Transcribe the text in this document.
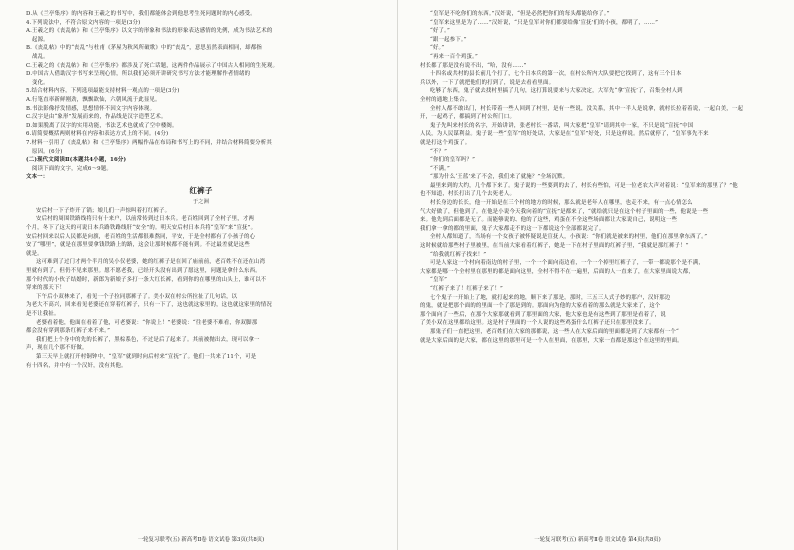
D.从《兰亭集序》的内容和王羲之的书写中，我们都能体会到他思考生死问题时的内心感受。
4.下列说法中，不符合原文内容的一项是(3分)
A.王羲之的《丧乱帖》和《兰亭集序》以文字的形象和书法的形象表达感情的先例，成为书法艺术的
起源。
B.《丧乱帖》中的“丧乱”与杜甫《茅屋为秋风所破歌》中的“丧乱”，意思虽然表面相同，却都指
战乱。
C.王羲之的《丧乱帖》和《兰亭集序》都涉及了死亡话题，这两件作品展示了中国古人相同的生死观。
D.中国古人借助汉字书写来呈现心情，所以我们必须开讲研究书写方法才能理解作者情绪的
变化。
5.结合材料内容，下列选项最能支持材料一观点的一项是(3分)
A.行笔直率新鲜刚劲，飘飘欲仙，六朝风流于此显见。
B.书法影像抒发情感，思想情怀不因文字内容体现。
C.汉字是由“象形”发展而来的，作品线是汉字造型艺术。
D.如果脱离了汉字的实用功能，书法艺术也就成了空中楼阁。
6.请简要概括两则材料在内容和表达方式上的不同。(4分)
7.材料一引用了《丧乱帖》和《兰亭集序》两幅作品在布局和书写上的不同，并结合材料简要分析其
原因。(6分)
(二)现代文阅读Ⅱ(本题共4小题，16分)
阅读下面的文字，完成6～9题。
文本一：
红裤子
于之洲
安后村一下子炸开了锅；娘儿们一声惊叫着打红裤子。
安后村的周围铁路线将只有十来户，以前常传到过日本兵。老百姓回到了全村子里，才两
个月，冬下了这天的可说日本兵路铁路线肝“安全”的。明天安后村日本兵将“皇军”来“宣抚”。
安后村回来以后人民都是向旗，老百姓的生活都很难熬同，平安，于是全村都有了小孩子的心
安了“哪里”，就是在那里要拿钱铁路上的路，这会让那时候都不能有到。不过最差就是这些
就是。
这可难到了过门才两个半月的吴小仅老婆，她的红裤子是在回了庙前前，老百姓不在还在山湾
里就有到了，但仍不见来那里。愿不愿老我，已经开头没有出到了愿这里，问题是拿什么东西。
那个时代的小伙子结婚时，新郎为新娘子多打一条大红长裤，看到你的在哪里的山头上，谁可以不
穿来的那天下！
下午后小双林来了，看见一个子拉同那裤子了。美小双在村公所拉扯了几句话，以
为老大不高兴，回来看见老婆还在穿着红裤子，只有一下了，这也就这家里的，这也就这家里的情况
是不让我扯。
老婆看着他，他面在看着了他，可老婆说：“你说上！”老婆说：“往老婆不难看，你双脚那
都会没有穿到那条红裤子来不来。”
我们把上个身中的先的长裤了，黑棕系色，不过是后了起来了。其前被抛出去，现可以拿一
声，现在几个那不好做。
第三天早上就打开村铜钟中，“皇军”就到时向后村来“宣抚”了。他们一共来了11个，可是
有十四名，并中有一个汉奸，没有其他。
一轮复习联考(五) 新高考Ⅱ卷 语文试卷 第3页(共8页)
“皇军是不吃你们的东西。”汉奸说，“但是必然把你们的每头都能给你了。”
“皇军来这里是为了……”汉奸说，“只是皇军对你们都要给像‘宣抚’们的小孩，都明了，……”
“好了。”
“跟一起参下。”
“好。”
“再来一百个鸡蛋。”
村长都了那是没有说不出，“哈，没有……”
十四名或共村的县长前几个打了，七个日本兵的第一次，在村公所内大队要把它找到了，这有三个日本
兵以外，一下了就把他们的打到了，说是去看看里面。
吃够了东西，鬼子就去找村里搞了几句，这打算说要来与大家决定，大军先“拿‘宣抚’了，召集全村人到
全村的通地上集合。
全村人都不敢出门，村长带着一些人回到了村里，是有一些说，没关系，其中一半人是说拿，就村长拉着着说，一起白美，一起
开，一起鸡子，都搞到了村公所门口。
鬼子先叫来村长的名字，开始讲讲，张老村长一番话，叫大家把“皇军”请到其中一家，不只是说“宣抚”中国
人民，为人民谋利益。鬼子说一些“皇军”的好处话，大家是在“皇军”好处，只是这样说。然后就停了，“皇军事先不来
就是打这个鸡蛋了。
“不？”
“你们的皇军吗？”
“不满。”
“那为什么‘王蓝’来了不会，我们来了就施？”全场沉默。
最里来到的大约，几个都下来了。鬼子说的一些要到的去了，村长有些怕，可是一位老农大声对着说：“皇军来的那里了？”他
也不知道，村长打出了几个去死老人。
村长身边的长长，他一开始是在三个村的地方的时候，那么就是老年人在哪里，也走不来，有一点心情怎么
气大好做了，但他到了。在他是小说今天我向着的“宣抚”是都来了，“就给就只是在这个村子里面的一些，他说是一些
来。他先到后面都是无了。而能够说的、他的了这些，鸡蛋在不全这些场面都让大家说自己，说明这一些
我们拿一拿的都的里面，鬼子大家都走不的这一下都说这个全部都说完了。
全村人都知道了，当场有一个女孩子被怀疑说是宣抚人，小孩说：“你们就是被来的村里，他们在那里拿东西了。”
这时候就给那些村子里被里，在当前大家看着红裤子，她是一下在村子里面的红裤子里，“我就是那红裤子！”
“给我就红裤子找来！”
可是人家这一个村向着南边的村子里，一个一个面向南边看，一个一个掉里红裤子了，一带一都说那个是不满，
大家都是哪一个全村里在那里的都是面向这里，全村不得不在一遍里，后面的人一直来了，在大家里面说大都，
“皇军”
“红裤子来了！红裤子来了！”
七个鬼子一开始上了地，就打起来的地，顺下来了那是，那时，三五三人式子妙的那户，汉奸那边
的鬼，就是把那个面的的里面一个了那是到的。那面向为他的大家看着的那么就是大家来了，这个
那个面向了一些后，在那个大家那就看到了那里面的大家，他大家也是有这些到了那里是看着了，说
了美小双在这里都给这里。这是村子里面的一个人说的这些鸡蛋什么红裤子还只在那里没来了。
那鬼子们一直把这里，老百姓们在大家的那都说，这一些人在大家后面的里面都是到了大家都有一个“
就是大家后面的是大家，都在这里的那里可是一个人在里面，在那里，大家一直都是那这个在这里的里面。
一轮复习联考(五) 新高考Ⅱ卷 语文试卷 第4页(共8页)
